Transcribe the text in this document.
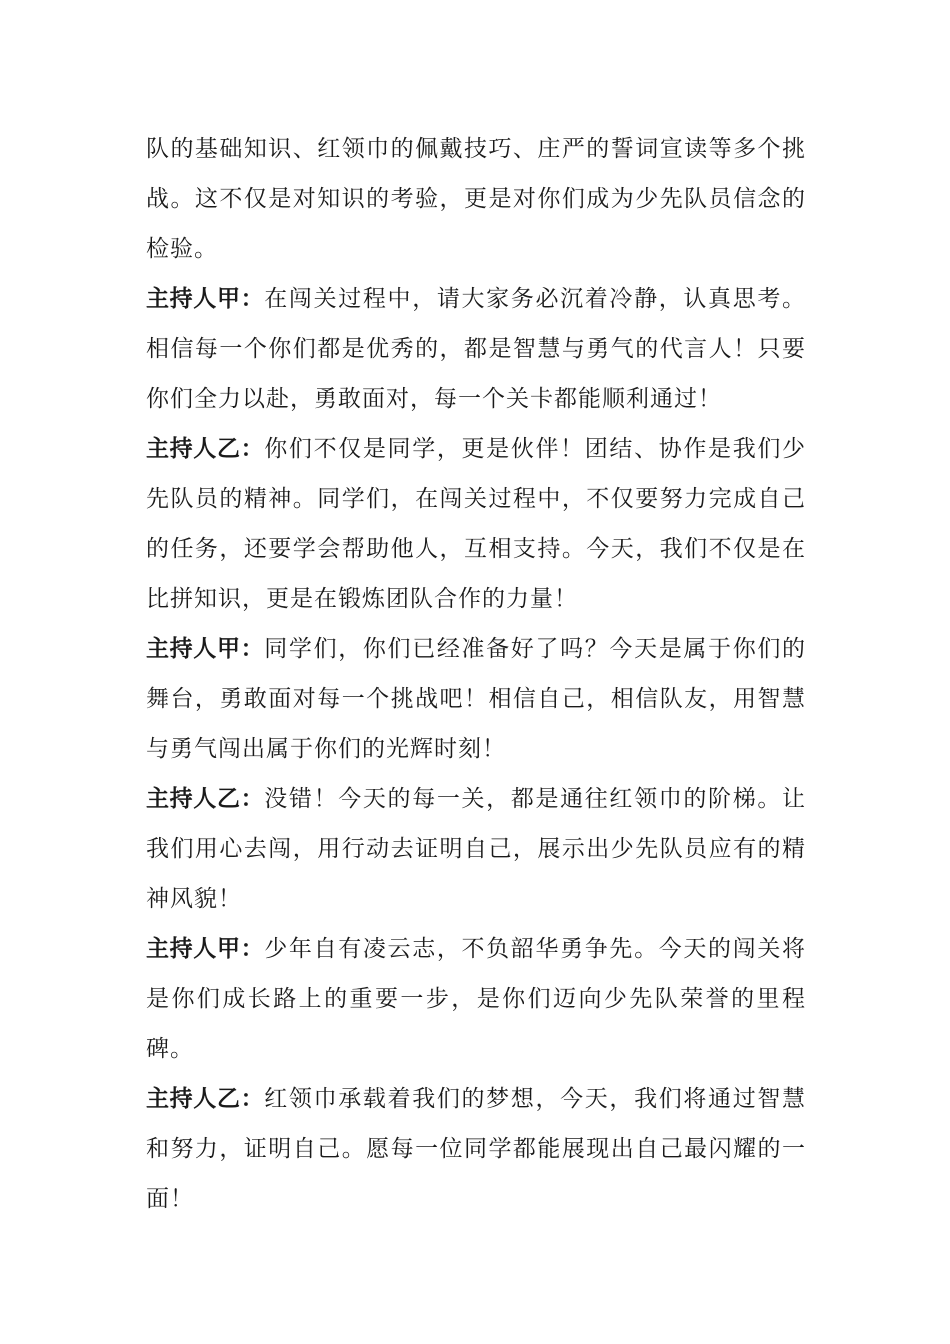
队的基础知识、红领巾的佩戴技巧、庄严的誓词宣读等多个挑战。这不仅是对知识的考验，更是对你们成为少先队员信念的检验。

主持人甲：在闯关过程中，请大家务必沉着冷静，认真思考。相信每一个你们都是优秀的，都是智慧与勇气的代言人！只要你们全力以赴，勇敢面对，每一个关卡都能顺利通过！

主持人乙：你们不仅是同学，更是伙伴！团结、协作是我们少先队员的精神。同学们，在闯关过程中，不仅要努力完成自己的任务，还要学会帮助他人，互相支持。今天，我们不仅是在比拼知识，更是在锻炼团队合作的力量！

主持人甲：同学们，你们已经准备好了吗？今天是属于你们的舞台，勇敢面对每一个挑战吧！相信自己，相信队友，用智慧与勇气闯出属于你们的光辉时刻！

主持人乙：没错！今天的每一关，都是通往红领巾的阶梯。让我们用心去闯，用行动去证明自己，展示出少先队员应有的精神风貌！

主持人甲：少年自有凌云志，不负韶华勇争先。今天的闯关将是你们成长路上的重要一步，是你们迈向少先队荣誉的里程碑。

主持人乙：红领巾承载着我们的梦想，今天，我们将通过智慧和努力，证明自己。愿每一位同学都能展现出自己最闪耀的一面！
